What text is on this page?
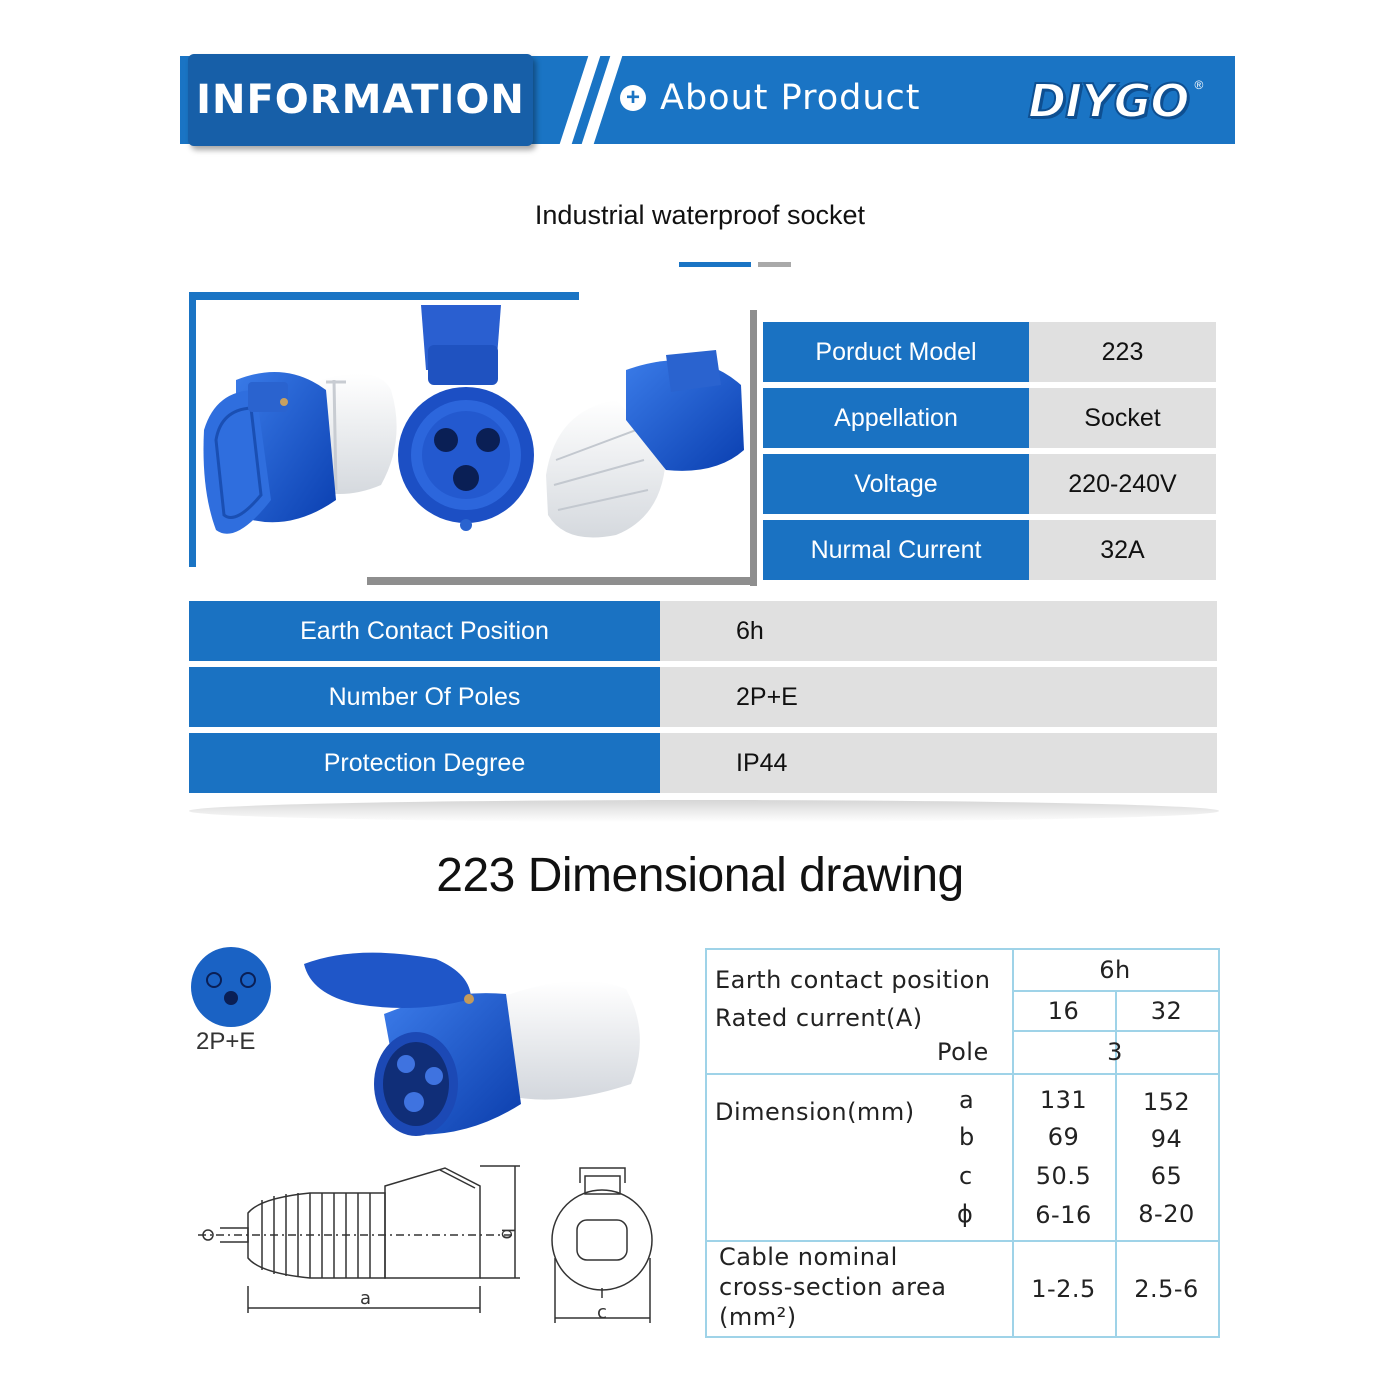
INFORMATION	+ About Product DIYGO ®
Industrial waterproof socket
Porduct Model	223
Appellation	Socket
Voltage	220-240V
Nurmal Current	32A
Earth Contact Position	6h
Number Of Poles	2P+E
Protection Degree	IP44
223 Dimensional drawing
2P+E
a
b
c
Earth contact position	6h
Rated current(A)	16	32
Pole	3
Dimension(mm) a	131	152
b	69	94
c	50.5	65
ϕ	6-16	8-20
Cable nominal
cross-section area
(mm²)
1-2.5	2.5-6
